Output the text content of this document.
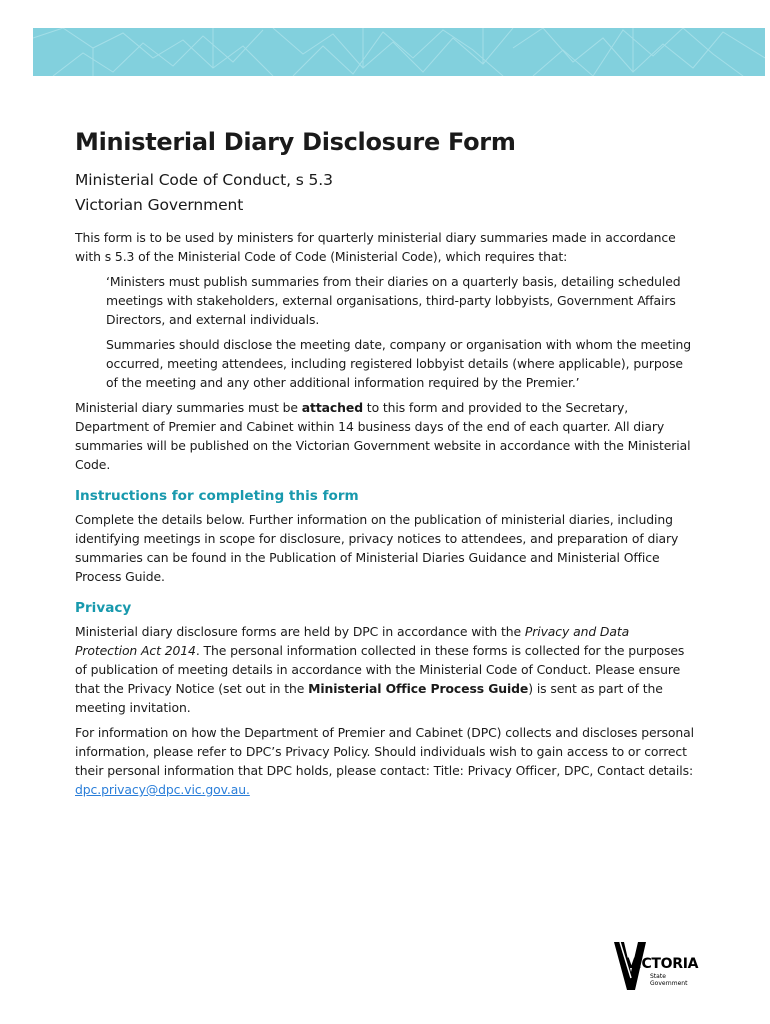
Ministerial Diary Disclosure Form

Ministerial Code of Conduct, s 5.3

Victorian Government

This form is to be used by ministers for quarterly ministerial diary summaries made in accordance with s 5.3 of the Ministerial Code of Code (Ministerial Code), which requires that:

‘Ministers must publish summaries from their diaries on a quarterly basis, detailing scheduled meetings with stakeholders, external organisations, third-party lobbyists, Government Affairs Directors, and external individuals.

Summaries should disclose the meeting date, company or organisation with whom the meeting occurred, meeting attendees, including registered lobbyist details (where applicable), purpose of the meeting and any other additional information required by the Premier.’

Ministerial diary summaries must be attached to this form and provided to the Secretary, Department of Premier and Cabinet within 14 business days of the end of each quarter. All diary summaries will be published on the Victorian Government website in accordance with the Ministerial Code.

Instructions for completing this form

Complete the details below. Further information on the publication of ministerial diaries, including identifying meetings in scope for disclosure, privacy notices to attendees, and preparation of diary summaries can be found in the Publication of Ministerial Diaries Guidance and Ministerial Office Process Guide.

Privacy

Ministerial diary disclosure forms are held by DPC in accordance with the Privacy and Data Protection Act 2014. The personal information collected in these forms is collected for the purposes of publication of meeting details in accordance with the Ministerial Code of Conduct. Please ensure that the Privacy Notice (set out in the Ministerial Office Process Guide) is sent as part of the meeting invitation.

For information on how the Department of Premier and Cabinet (DPC) collects and discloses personal information, please refer to DPC’s Privacy Policy. Should individuals wish to gain access to or correct their personal information that DPC holds, please contact: Title: Privacy Officer, DPC, Contact details: dpc.privacy@dpc.vic.gov.au.

VICTORIA
State
Government
